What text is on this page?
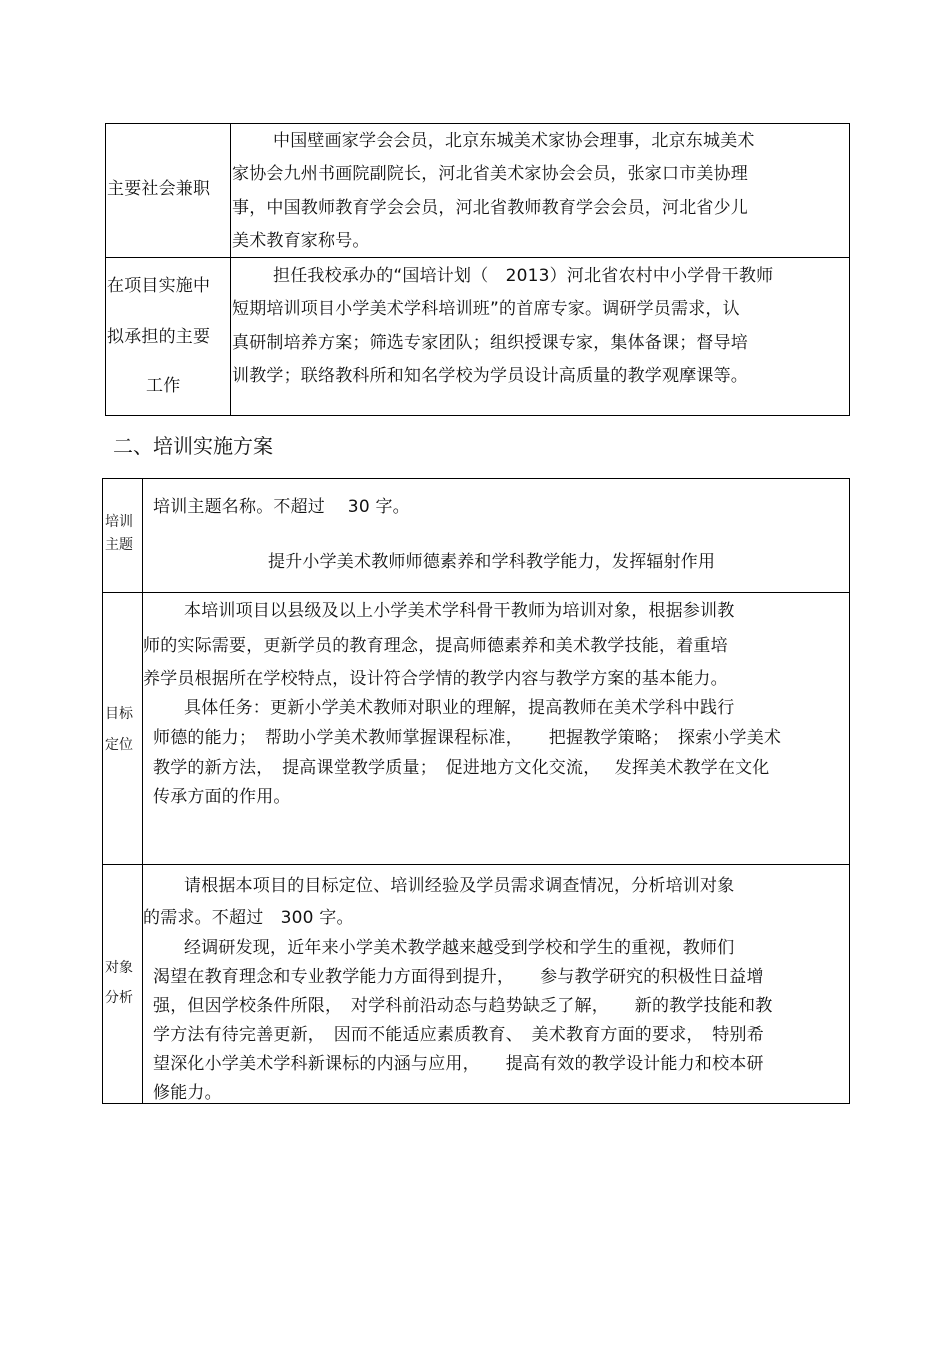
主要社会兼职
中国壁画家学会会员，北京东城美术家协会理事，北京东城美术
家协会九州书画院副院长，河北省美术家协会会员，张家口市美协理
事，中国教师教育学会会员，河北省教师教育学会会员，河北省少儿
美术教育家称号。
在项目实施中
拟承担的主要
工作
担任我校承办的“国培计划（　2013）河北省农村中小学骨干教师
短期培训项目小学美术学科培训班”的首席专家。调研学员需求，认
真研制培养方案；筛选专家团队；组织授课专家，集体备课；督导培
训教学；联络教科所和知名学校为学员设计高质量的教学观摩课等。
二、培训实施方案
培训
主题
培训主题名称。不超过　 30 字。
提升小学美术教师师德素养和学科教学能力，发挥辐射作用
目标
定位
本培训项目以县级及以上小学美术学科骨干教师为培训对象，根据参训教
师的实际需要，更新学员的教育理念，提高师德素养和美术教学技能，着重培
养学员根据所在学校特点，设计符合学情的教学内容与教学方案的基本能力。
具体任务：更新小学美术教师对职业的理解，提高教师在美术学科中践行
师德的能力；　帮助小学美术教师掌握课程标准，　　把握教学策略；　探索小学美术
教学的新方法，　提高课堂教学质量；　促进地方文化交流，　 发挥美术教学在文化
传承方面的作用。
对象
分析
请根据本项目的目标定位、培训经验及学员需求调查情况，分析培训对象
的需求。不超过　300 字。
经调研发现，近年来小学美术教学越来越受到学校和学生的重视，教师们
渴望在教育理念和专业教学能力方面得到提升，　　参与教学研究的积极性日益增
强，但因学校条件所限，　对学科前沿动态与趋势缺乏了解，　　新的教学技能和教
学方法有待完善更新，　因而不能适应素质教育、　美术教育方面的要求，　特别希
望深化小学美术学科新课标的内涵与应用，　　提高有效的教学设计能力和校本研
修能力。
